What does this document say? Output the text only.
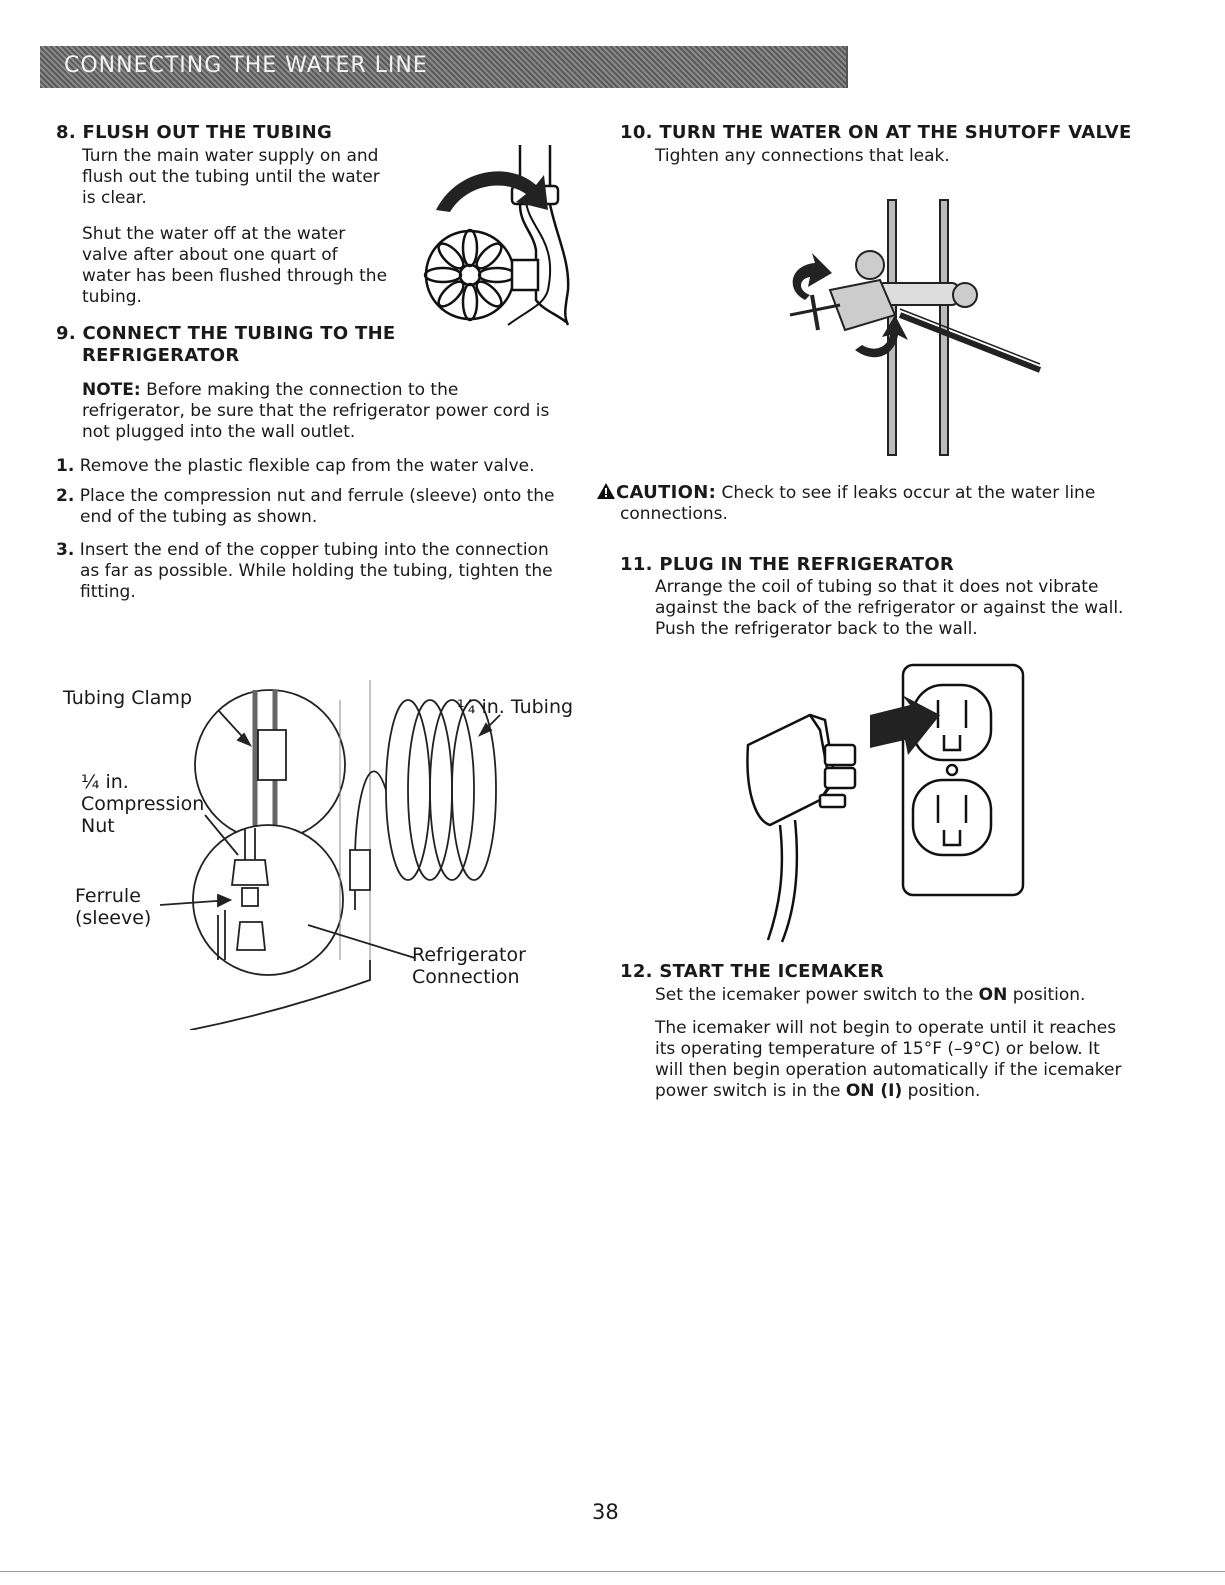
CONNECTING THE WATER LINE
8. FLUSH OUT THE TUBING
Turn the main water supply on and
flush out the tubing until the water
is clear.
Shut the water off at the water
valve after about one quart of
water has been flushed through the
tubing.
9. CONNECT THE TUBING TO THE
REFRIGERATOR
NOTE: Before making the connection to the
refrigerator, be sure that the refrigerator power cord is
not plugged into the wall outlet.
1. Remove the plastic flexible cap from the water valve.
2. Place the compression nut and ferrule (sleeve) onto the
end of the tubing as shown.
3. Insert the end of the copper tubing into the connection
as far as possible. While holding the tubing, tighten the
fitting.
Tubing Clamp	¼ in. Tubing
¼ in.
Compression
Nut
Ferrule
(sleeve)
Refrigerator
Connection
10. TURN THE WATER ON AT THE SHUTOFF VALVE
Tighten any connections that leak.
CAUTION: Check to see if leaks occur at the water line
connections.
11. PLUG IN THE REFRIGERATOR
Arrange the coil of tubing so that it does not vibrate
against the back of the refrigerator or against the wall.
Push the refrigerator back to the wall.
12. START THE ICEMAKER
Set the icemaker power switch to the ON position.
The icemaker will not begin to operate until it reaches
its operating temperature of 15°F (–9°C) or below. It
will then begin operation automatically if the icemaker
power switch is in the ON (I) position.
38
